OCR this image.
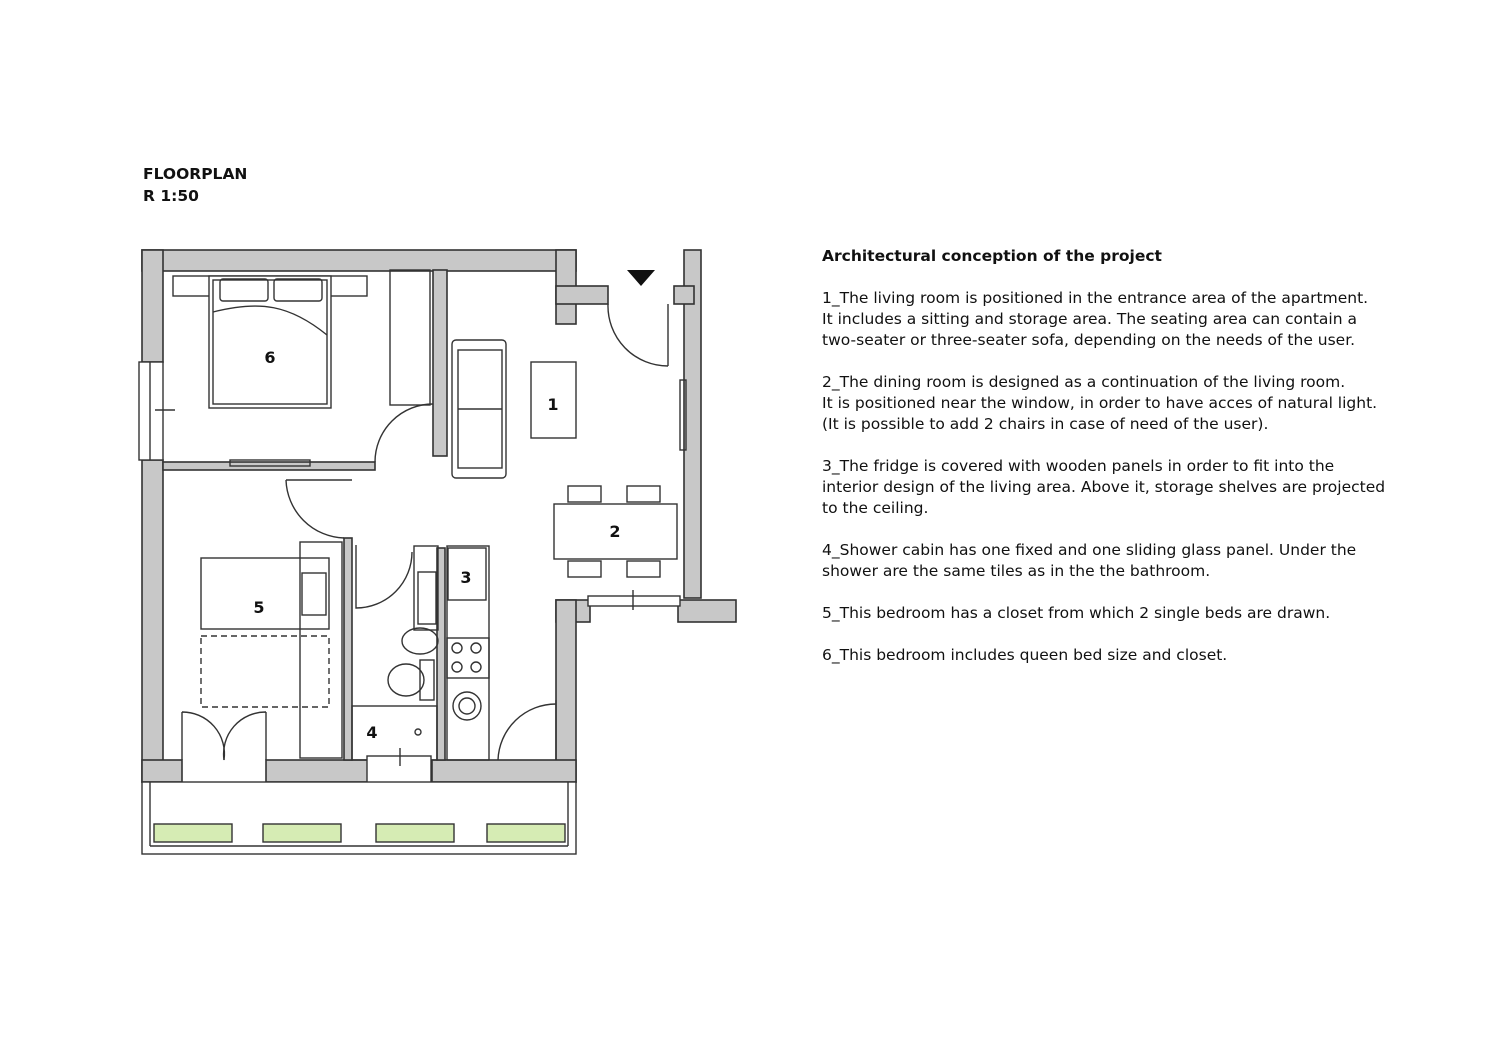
FLOORPLAN
R 1:50
1
2
3
4
5
6
Architectural conception of the project
1_The living room is positioned in the entrance area of the apartment.
It includes a sitting and storage area. The seating area can contain a
two-seater or three-seater sofa, depending on the needs of the user.
2_The dining room is designed as a continuation of the living room.
It is positioned near the window, in order to have acces of natural light.
(It is possible to add 2 chairs in case of need of the user).
3_The fridge is covered with wooden panels in order to fit into the
interior design of the living area. Above it, storage shelves are projected
to the ceiling.
4_Shower cabin has one fixed and one sliding glass panel. Under the
shower are the same tiles as in the the bathroom.
5_This bedroom has a closet from which 2 single beds are drawn.
6_This bedroom includes queen bed size and closet.
